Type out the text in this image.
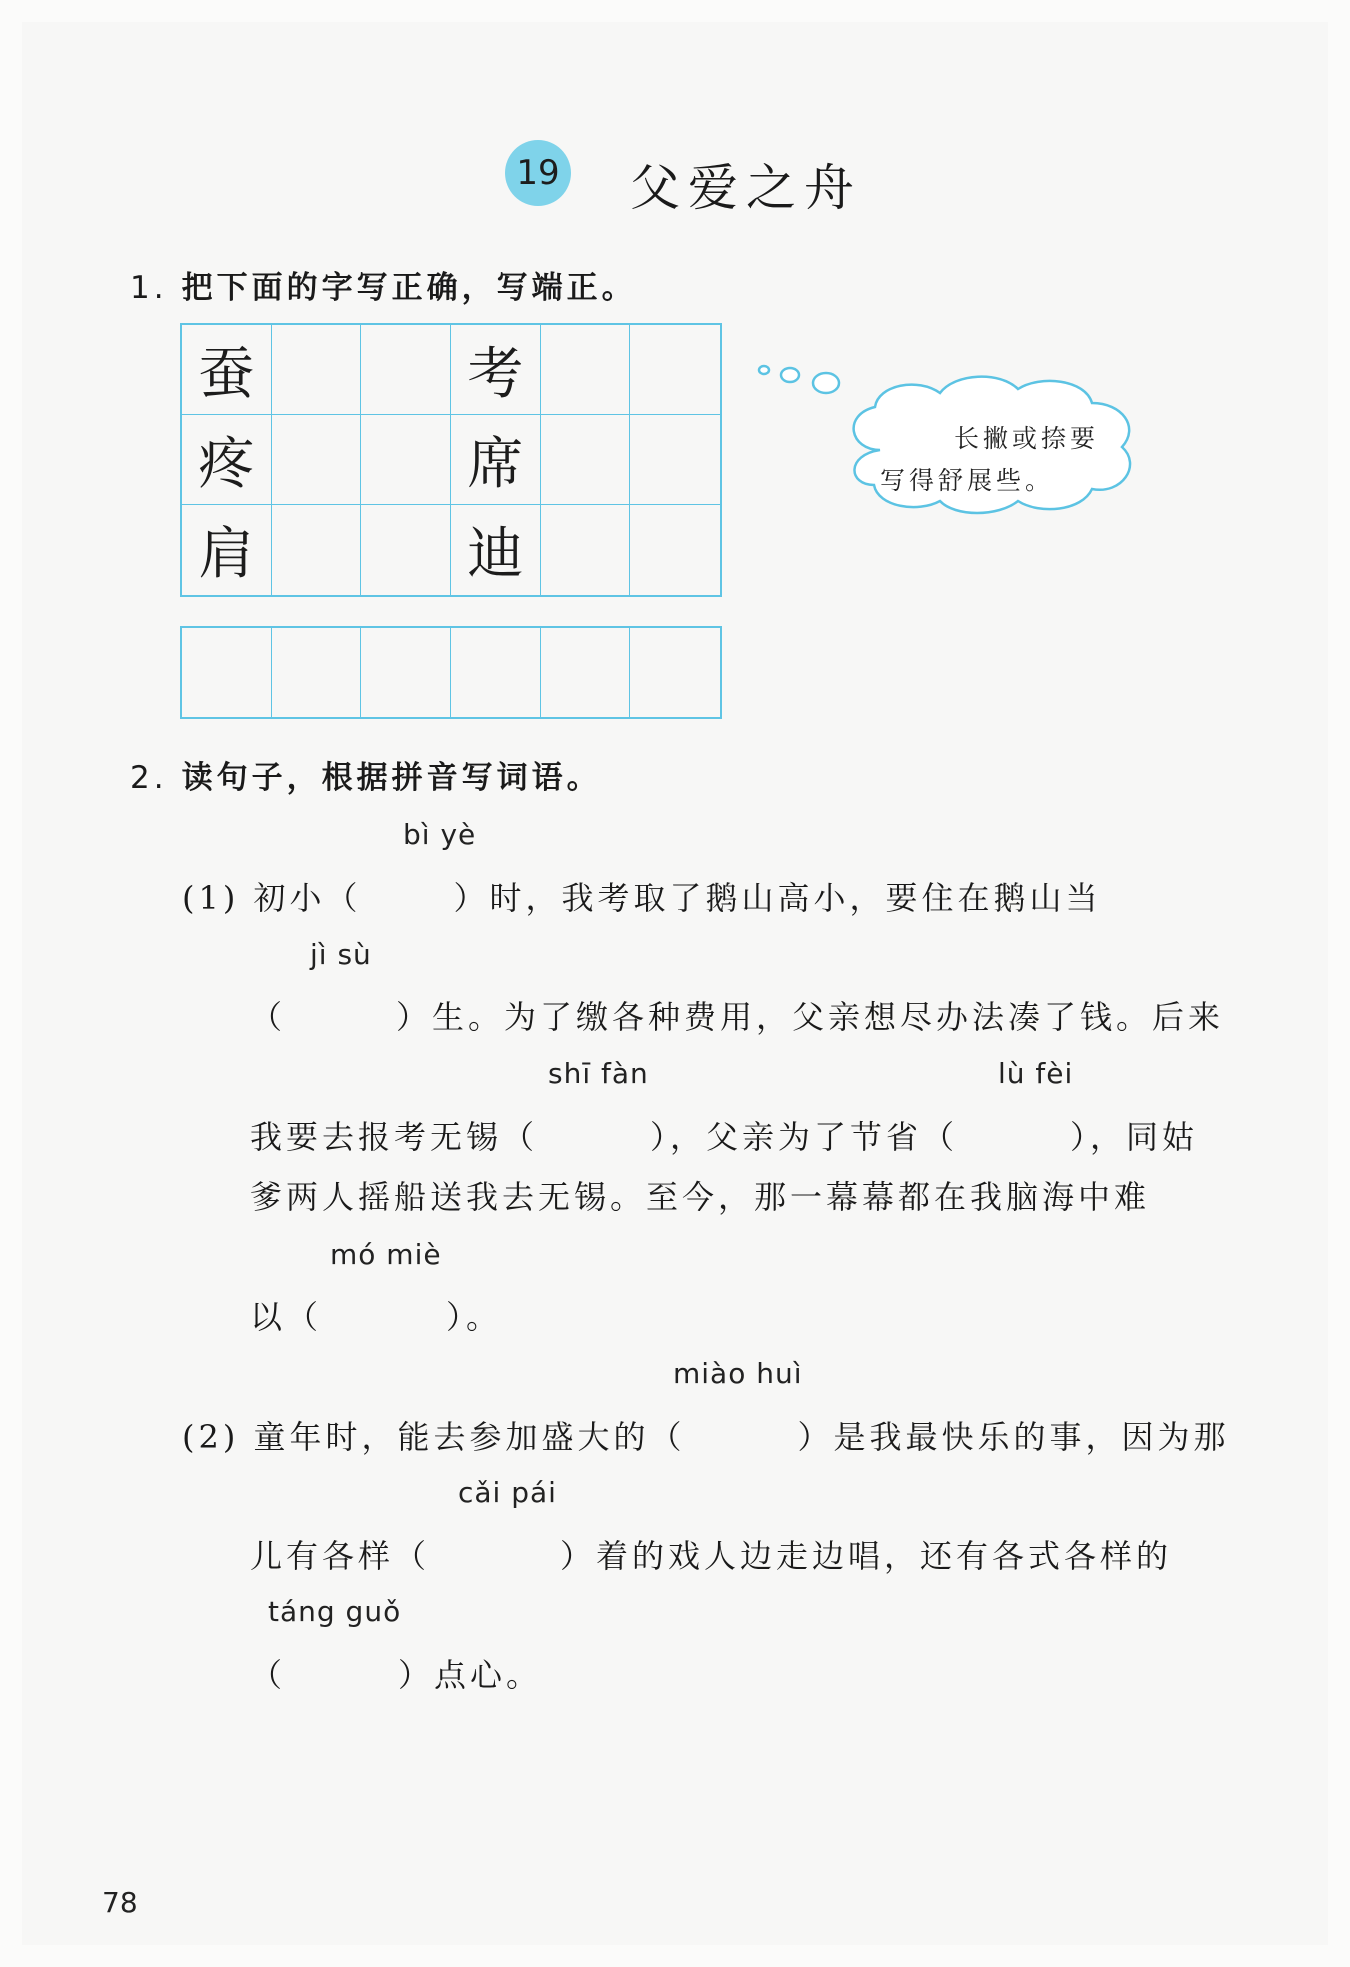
19 父爱之舟
1. 把下面的字写正确，写端正。
蚕	考
疼	席
肩	迪
长撇或捺要
写得舒展些。
2. 读句子，根据拼音写词语。
bì yè
(1) 初小（	）时，我考取了鹅山高小，要住在鹅山当
jì sù
（	）生。为了缴各种费用，父亲想尽办法凑了钱。后来
shī fàn	lù fèi
我要去报考无锡（	），父亲为了节省（	），同姑
爹两人摇船送我去无锡。至今，那一幕幕都在我脑海中难
mó miè
以（	）。
miào huì
(2) 童年时，能去参加盛大的（	）是我最快乐的事，因为那
cǎi pái
儿有各样（	）着的戏人边走边唱，还有各式各样的
táng guǒ
（	）点心。
78
